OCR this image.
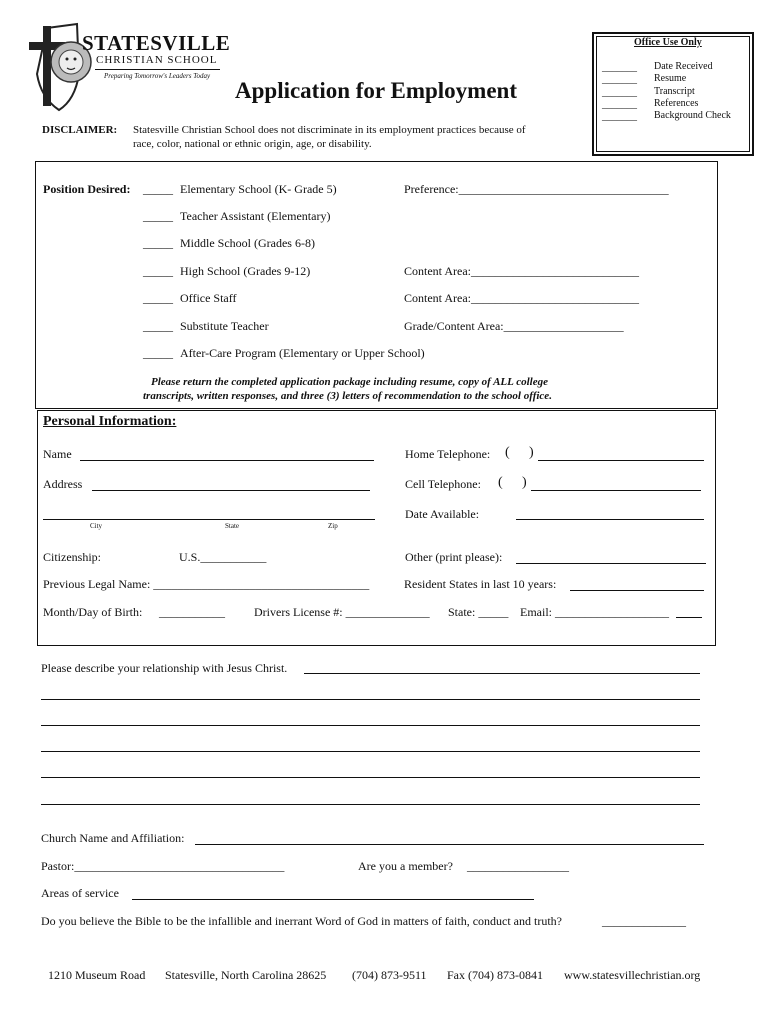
STATESVILLE
CHRISTIAN SCHOOL
Preparing Tomorrow's Leaders Today
Application for Employment
Office Use Only
_______ Date Received
_______ Resume
_______ Transcript
_______ References
_______ Background Check
DISCLAIMER: Statesville Christian School does not discriminate in its employment practices because of
race, color, national or ethnic origin, age, or disability.
Position Desired: _____ Elementary School (K- Grade 5)	Preference:___________________________________
_____ Teacher Assistant (Elementary)
_____ Middle School (Grades 6-8)
_____ High School (Grades 9-12)	Content Area:____________________________
_____ Office Staff	Content Area:____________________________
_____ Substitute Teacher	Grade/Content Area:____________________
_____ After-Care Program (Elementary or Upper School)
Please return the completed application package including resume, copy of ALL college
transcripts, written responses, and three (3) letters of recommendation to the school office.
Personal Information:
Name	Home Telephone: ( )
Address	Cell Telephone: ( )
City	State	Zip
Date Available:
Citizenship:	U.S.___________	Other (print please):
Previous Legal Name: ____________________________________	Resident States in last 10 years:
Month/Day of Birth: ___________ Drivers License #: ______________ State: _____ Email: ___________________
Please describe your relationship with Jesus Christ.
Church Name and Affiliation:
Pastor:___________________________________	Are you a member? _________________
Areas of service
Do you believe the Bible to be the infallible and inerrant Word of God in matters of faith, conduct and truth?	______________
1210 Museum Road Statesville, North Carolina 28625 (704) 873-9511 Fax (704) 873-0841 www.statesvillechristian.org
